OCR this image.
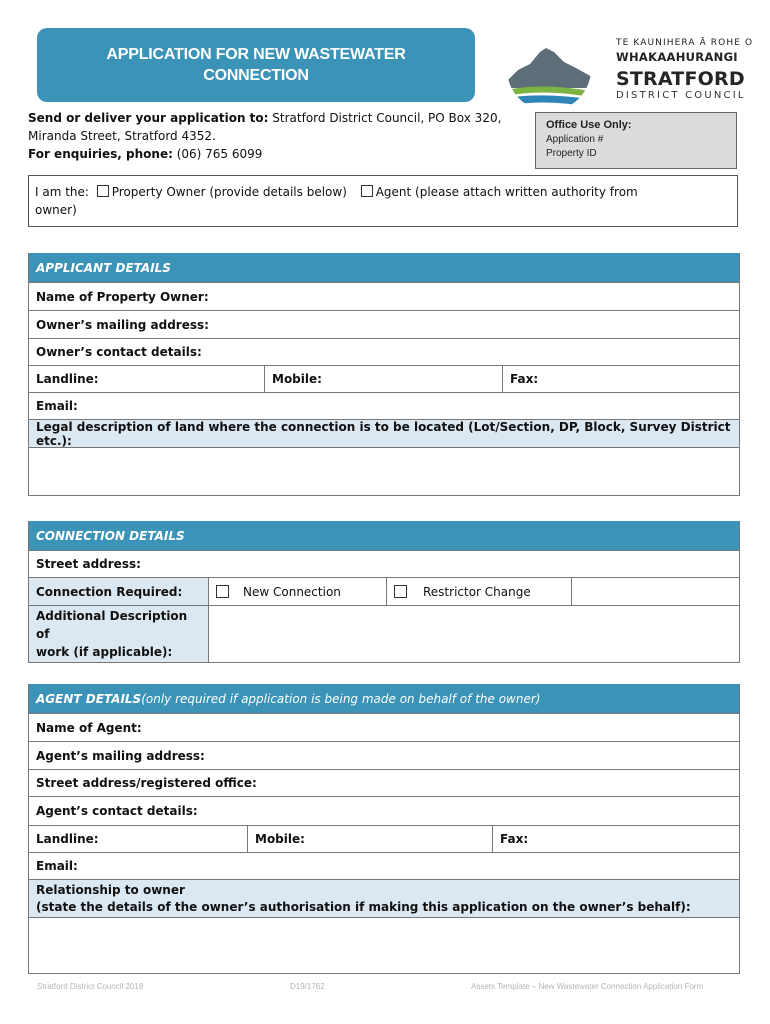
APPLICATION FOR NEW WASTEWATER
CONNECTION
TE KAUNIHERA Ā ROHE O
WHAKAAHURANGI
STRATFORD
DISTRICT COUNCIL
Send or deliver your application to: Stratford District Council, PO Box 320,
Miranda Street, Stratford 4352.
For enquiries, phone: (06) 765 6099
Office Use Only:
Application #
Property ID
I am the: Property Owner (provide details below) Agent (please attach written authority from
owner)
APPLICANT DETAILS
Name of Property Owner:
Owner’s mailing address:
Owner’s contact details:
Landline:	Mobile:	Fax:
Email:
Legal description of land where the connection is to be located (Lot/Section, DP, Block, Survey District etc.):
CONNECTION DETAILS
Street address:
Connection Required:	New Connection	Restrictor Change
Additional Description of
work (if applicable):
AGENT DETAILS (only required if application is being made on behalf of the owner)
Name of Agent:
Agent’s mailing address:
Street address/registered office:
Agent’s contact details:
Landline:	Mobile:	Fax:
Email:
Relationship to owner
(state the details of the owner’s authorisation if making this application on the owner’s behalf):
Stratford District Council 2018	D19/1762	Assets Template – New Wastewater Connection Application Form
